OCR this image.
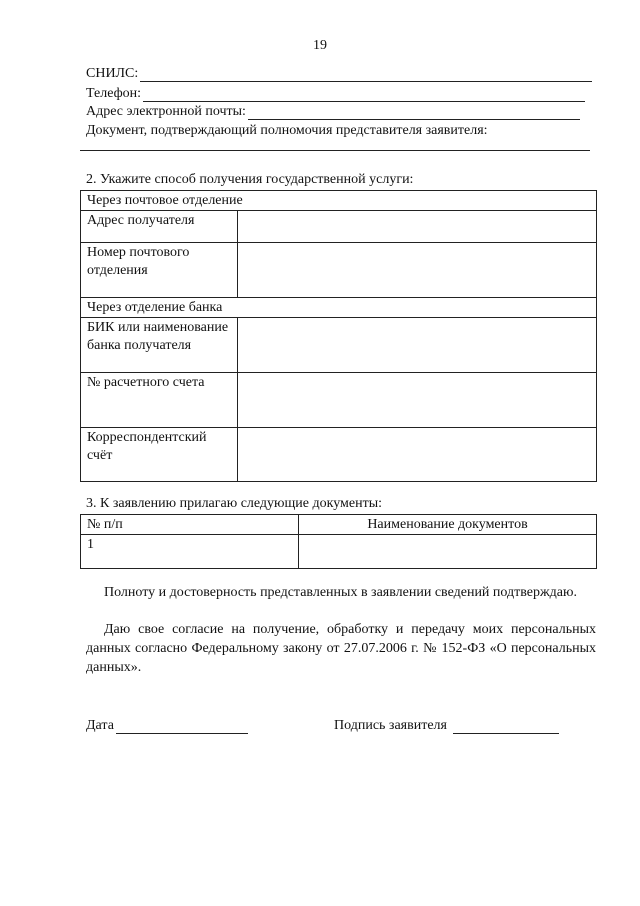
19
СНИЛС:
Телефон:
Адрес электронной почты:
Документ, подтверждающий полномочия представителя заявителя:
2. Укажите способ получения государственной услуги:
Через почтовое отделение	
Адрес получателя	
Номер почтового отделения	
Через отделение банка	
БИК или наименование банка получателя	
№ расчетного счета	
Корреспондентский счёт	
3. К заявлению прилагаю следующие документы:
№ п/п	Наименование документов
1	
Полноту и достоверность представленных в заявлении сведений подтверждаю.
Даю свое согласие на получение, обработку и передачу моих персональных данных согласно Федеральному закону от 27.07.2006 г. № 152-ФЗ «О персональных данных».
Дата	Подпись заявителя
